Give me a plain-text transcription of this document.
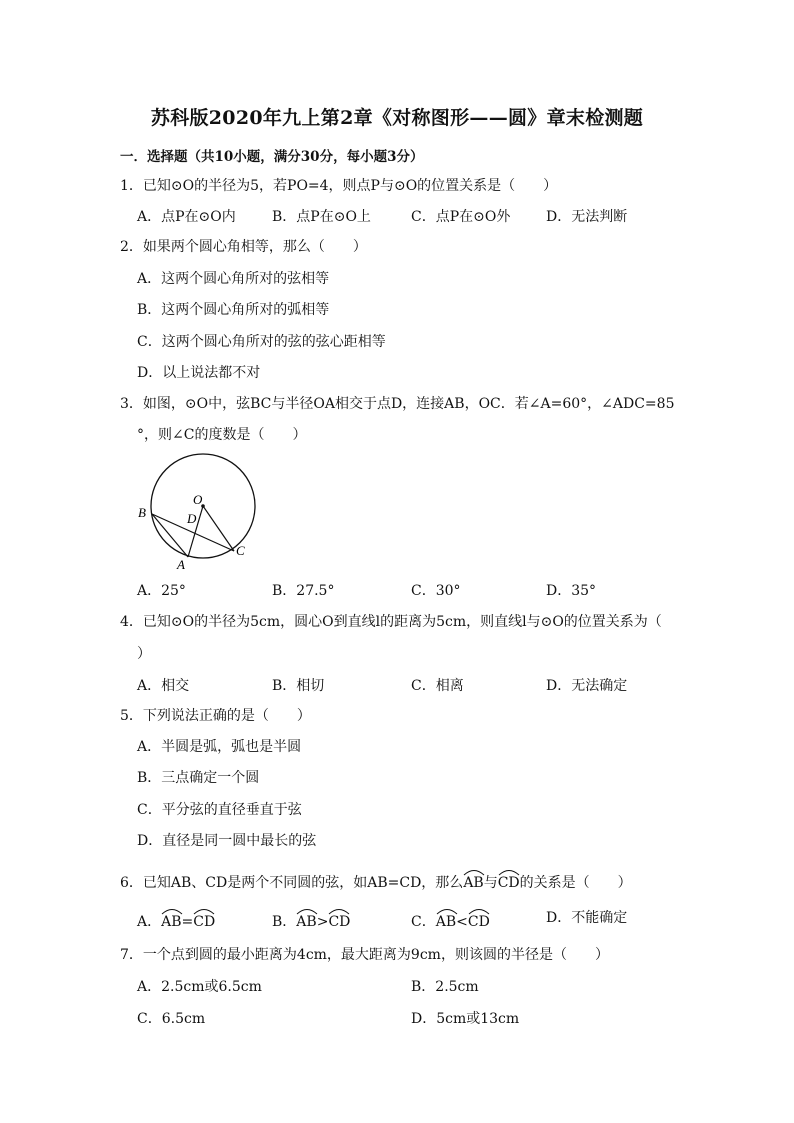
苏科版2020年九上第2章《对称图形——圆》章末检测题
一．选择题（共10小题，满分30分，每小题3分）
1．已知⊙O的半径为5，若PO=4，则点P与⊙O的位置关系是（　　）
A．点P在⊙O内	B．点P在⊙O上	C．点P在⊙O外	D．无法判断
2．如果两个圆心角相等，那么（　　）
A．这两个圆心角所对的弦相等
B．这两个圆心角所对的弧相等
C．这两个圆心角所对的弦的弦心距相等
D．以上说法都不对
3．如图，⊙O中，弦BC与半径OA相交于点D，连接AB，OC．若∠A=60°，∠ADC=85
°，则∠C的度数是（　　）
O
D
B
A
C
A．25°	B．27.5°	C．30°	D．35°
4．已知⊙O的半径为5cm，圆心O到直线l的距离为5cm，则直线l与⊙O的位置关系为（
）
A．相交	B．相切	C．相离	D．无法确定
5．下列说法正确的是（　　）
A．半圆是弧，弧也是半圆
B．三点确定一个圆
C．平分弦的直径垂直于弦
D．直径是同一圆中最长的弦
6．已知AB、CD是两个不同圆的弦，如AB=CD，那么
AB与
CD的关系是（　　）
A．
AB=
CD	B．
AB>
CD	C．
AB<
CD	D．不能确定
7．一个点到圆的最小距离为4cm，最大距离为9cm，则该圆的半径是（　　）
A．2.5cm或6.5cm	B．2.5cm
C．6.5cm	D．5cm或13cm
